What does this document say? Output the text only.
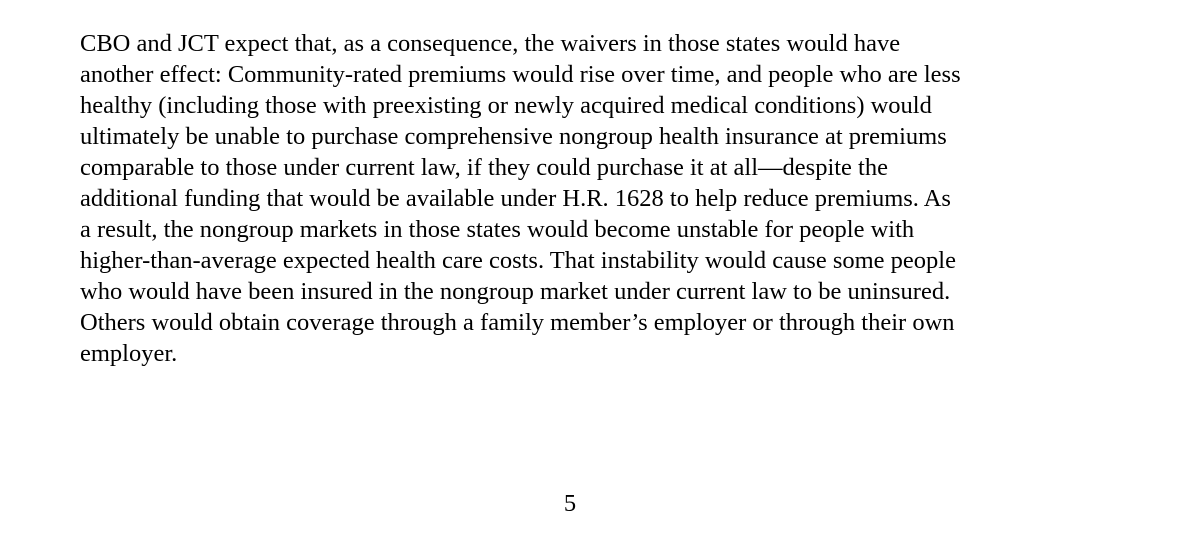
CBO and JCT expect that, as a consequence, the waivers in those states would have
another effect: Community-rated premiums would rise over time, and people who are less
healthy (including those with preexisting or newly acquired medical conditions) would
ultimately be unable to purchase comprehensive nongroup health insurance at premiums
comparable to those under current law, if they could purchase it at all—despite the
additional funding that would be available under H.R. 1628 to help reduce premiums. As
a result, the nongroup markets in those states would become unstable for people with
higher-than-average expected health care costs. That instability would cause some people
who would have been insured in the nongroup market under current law to be uninsured.
Others would obtain coverage through a family member’s employer or through their own
employer.
5
